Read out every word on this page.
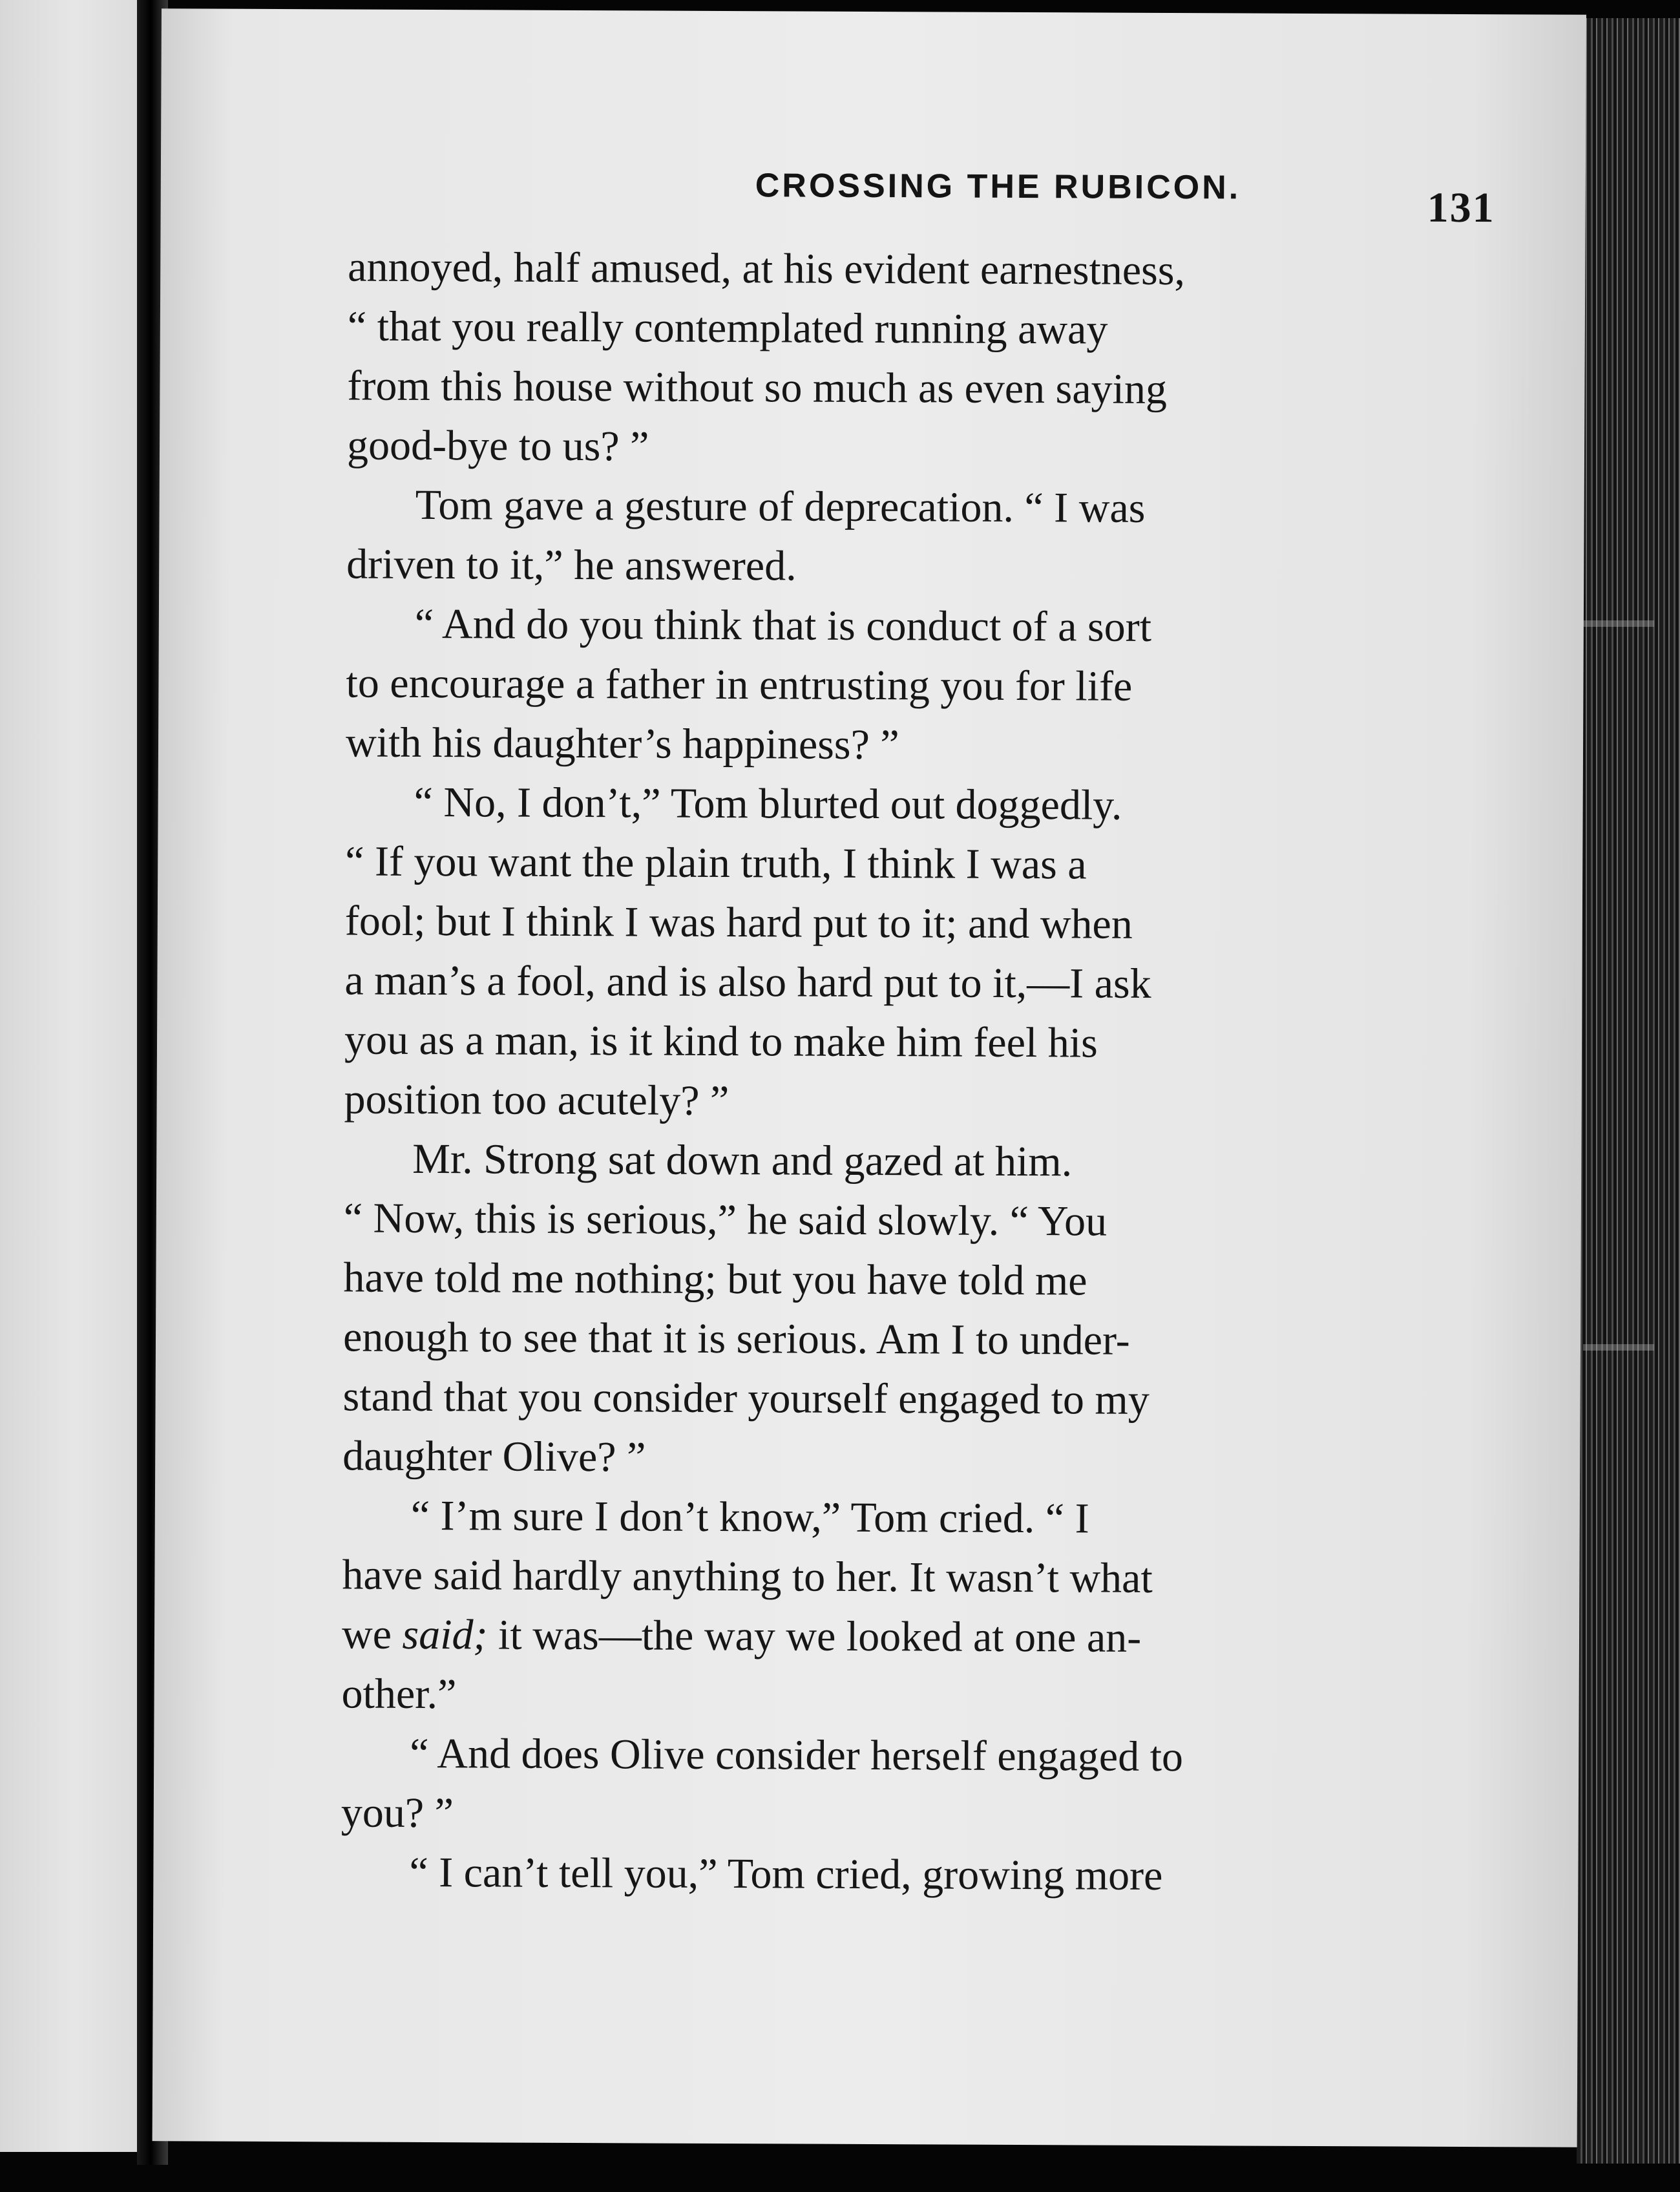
CROSSING THE RUBICON.	131
annoyed, half amused, at his evident earnestness,
“ that you really contemplated running away
from this house without so much as even saying
good-bye to us? ”
Tom gave a gesture of deprecation. “ I was
driven to it,” he answered.
“ And do you think that is conduct of a sort
to encourage a father in entrusting you for life
with his daughter’s happiness? ”
“ No, I don’t,” Tom blurted out doggedly.
“ If you want the plain truth, I think I was a
fool; but I think I was hard put to it; and when
a man’s a fool, and is also hard put to it,—I ask
you as a man, is it kind to make him feel his
position too acutely? ”
Mr. Strong sat down and gazed at him.
“ Now, this is serious,” he said slowly. “ You
have told me nothing; but you have told me
enough to see that it is serious. Am I to under-
stand that you consider yourself engaged to my
daughter Olive? ”
“ I’m sure I don’t know,” Tom cried. “ I
have said hardly anything to her. It wasn’t what
we said; it was—the way we looked at one an-
other.”
“ And does Olive consider herself engaged to
you? ”
“ I can’t tell you,” Tom cried, growing more
